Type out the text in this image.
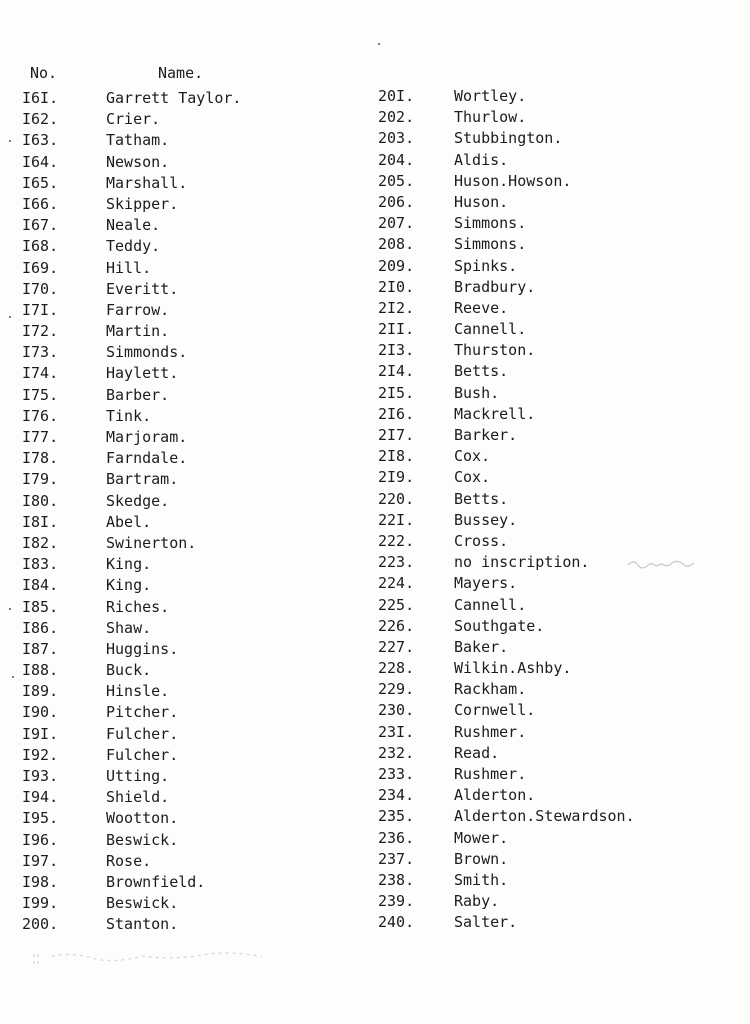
No.	Name.
I6I.	Garrett Taylor.
I62.	Crier.
I63.	Tatham.
I64.	Newson.
I65.	Marshall.
I66.	Skipper.
I67.	Neale.
I68.	Teddy.
I69.	Hill.
I70.	Everitt.
I7I.	Farrow.
I72.	Martin.
I73.	Simmonds.
I74.	Haylett.
I75.	Barber.
I76.	Tink.
I77.	Marjoram.
I78.	Farndale.
I79.	Bartram.
I80.	Skedge.
I8I.	Abel.
I82.	Swinerton.
I83.	King.
I84.	King.
I85.	Riches.
I86.	Shaw.
I87.	Huggins.
I88.	Buck.
I89.	Hinsle.
I90.	Pitcher.
I9I.	Fulcher.
I92.	Fulcher.
I93.	Utting.
I94.	Shield.
I95.	Wootton.
I96.	Beswick.
I97.	Rose.
I98.	Brownfield.
I99.	Beswick.
200.	Stanton.
20I.	Wortley.
202.	Thurlow.
203.	Stubbington.
204.	Aldis.
205.	Huson.Howson.
206.	Huson.
207.	Simmons.
208.	Simmons.
209.	Spinks.
2I0.	Bradbury.
2I2.	Reeve.
2II.	Cannell.
2I3.	Thurston.
2I4.	Betts.
2I5.	Bush.
2I6.	Mackrell.
2I7.	Barker.
2I8.	Cox.
2I9.	Cox.
220.	Betts.
22I.	Bussey.
222.	Cross.
223.	no inscription.
224.	Mayers.
225.	Cannell.
226.	Southgate.
227.	Baker.
228.	Wilkin.Ashby.
229.	Rackham.
230.	Cornwell.
23I.	Rushmer.
232.	Read.
233.	Rushmer.
234.	Alderton.
235.	Alderton.Stewardson.
236.	Mower.
237.	Brown.
238.	Smith.
239.	Raby.
240.	Salter.
